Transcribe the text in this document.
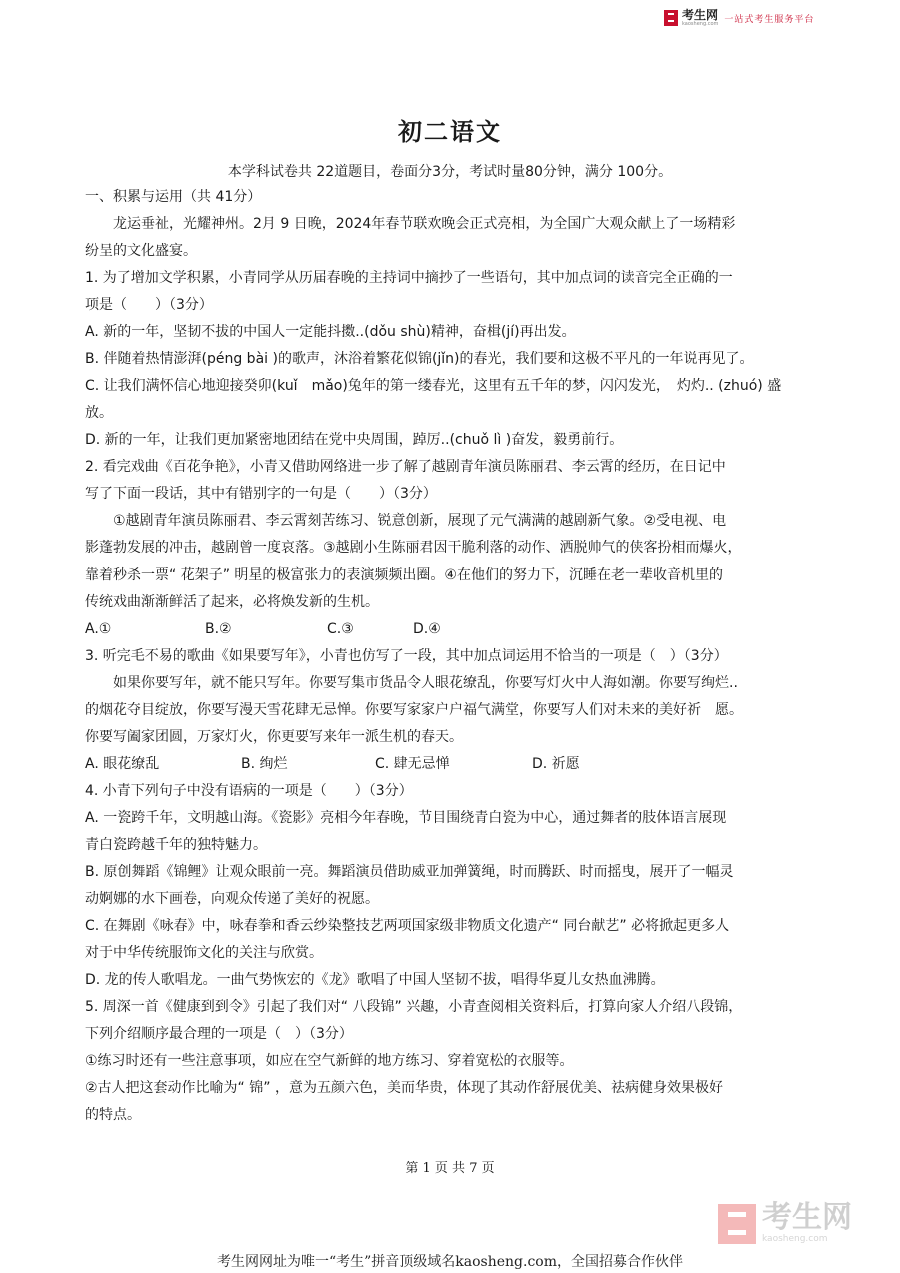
考生网
kaosheng.com 一站式考生服务平台
初二语文
本学科试卷共 22道题目，卷面分3分，考试时量80分钟，满分 100分。
一、积累与运用（共 41分）
龙运垂祉，光耀神州。2月 9 日晚，2024年春节联欢晚会正式亮相，为全国广大观众献上了一场精彩
纷呈的文化盛宴。
1. 为了增加文学积累，小青同学从历届春晚的主持词中摘抄了一些语句，其中加点词的读音完全正确的一
项是（　　）（3分）
A. 新的一年，坚韧不拔的中国人一定能抖擞..(dǒu shù)精神，奋楫(jí)再出发。
B. 伴随着热情澎湃(péng bài )的歌声，沐浴着繁花似锦(jǐn)的春光，我们要和这极不平凡的一年说再见了。
C. 让我们满怀信心地迎接癸卯(kuǐ　mǎo)兔年的第一缕春光，这里有五千年的梦，闪闪发光，　灼灼.. (zhuó) 盛
放。
D. 新的一年，让我们更加紧密地团结在党中央周围，踔厉..(chuǒ lì )奋发，毅勇前行。
2. 看完戏曲《百花争艳》，小青又借助网络进一步了解了越剧青年演员陈丽君、李云霄的经历，在日记中
写了下面一段话，其中有错别字的一句是（　　）（3分）
①越剧青年演员陈丽君、李云霄刻苦练习、锐意创新，展现了元气满满的越剧新气象。②受电视、电
影蓬勃发展的冲击，越剧曾一度哀落。③越剧小生陈丽君因干脆利落的动作、洒脱帅气的侠客扮相而爆火，
靠着秒杀一票“ 花架子” 明星的极富张力的表演频频出圈。④在他们的努力下，沉睡在老一辈收音机里的
传统戏曲渐渐鲜活了起来，必将焕发新的生机。
A.①	B.②	C.③	D.④
3. 听完毛不易的歌曲《如果要写年》，小青也仿写了一段，其中加点词运用不恰当的一项是（　）（3分）
如果你要写年，就不能只写年。你要写集市货品令人眼花缭乱，你要写灯火中人海如潮。你要写绚烂..
的烟花夺目绽放，你要写漫天雪花肆无忌惮。你要写家家户户福气满堂，你要写人们对未来的美好祈　愿。
你要写阖家团圆，万家灯火，你更要写来年一派生机的春天。
A. 眼花缭乱	B. 绚烂	C. 肆无忌惮	D. 祈愿
4. 小青下列句子中没有语病的一项是（　　）（3分）
A. 一瓷跨千年，文明越山海。《瓷影》亮相今年春晚，节目围绕青白瓷为中心，通过舞者的肢体语言展现
青白瓷跨越千年的独特魅力。
B. 原创舞蹈《锦鲤》让观众眼前一亮。舞蹈演员借助威亚加弹簧绳，时而腾跃、时而摇曳，展开了一幅灵
动婀娜的水下画卷，向观众传递了美好的祝愿。
C. 在舞剧《咏春》中，咏春拳和香云纱染整技艺两项国家级非物质文化遗产“ 同台献艺” 必将掀起更多人
对于中华传统服饰文化的关注与欣赏。
D. 龙的传人歌唱龙。一曲气势恢宏的《龙》歌唱了中国人坚韧不拔，唱得华夏儿女热血沸腾。
5. 周深一首《健康到到令》引起了我们对“ 八段锦” 兴趣，小青查阅相关资料后，打算向家人介绍八段锦，
下列介绍顺序最合理的一项是（　）（3分）
①练习时还有一些注意事项，如应在空气新鲜的地方练习、穿着宽松的衣服等。
②古人把这套动作比喻为“ 锦” ，意为五颜六色，美而华贵，体现了其动作舒展优美、祛病健身效果极好
的特点。
第 1 页 共 7 页
考生网
kaosheng.com
考生网网址为唯一“考生”拼音顶级域名kaosheng.com，全国招募合作伙伴
